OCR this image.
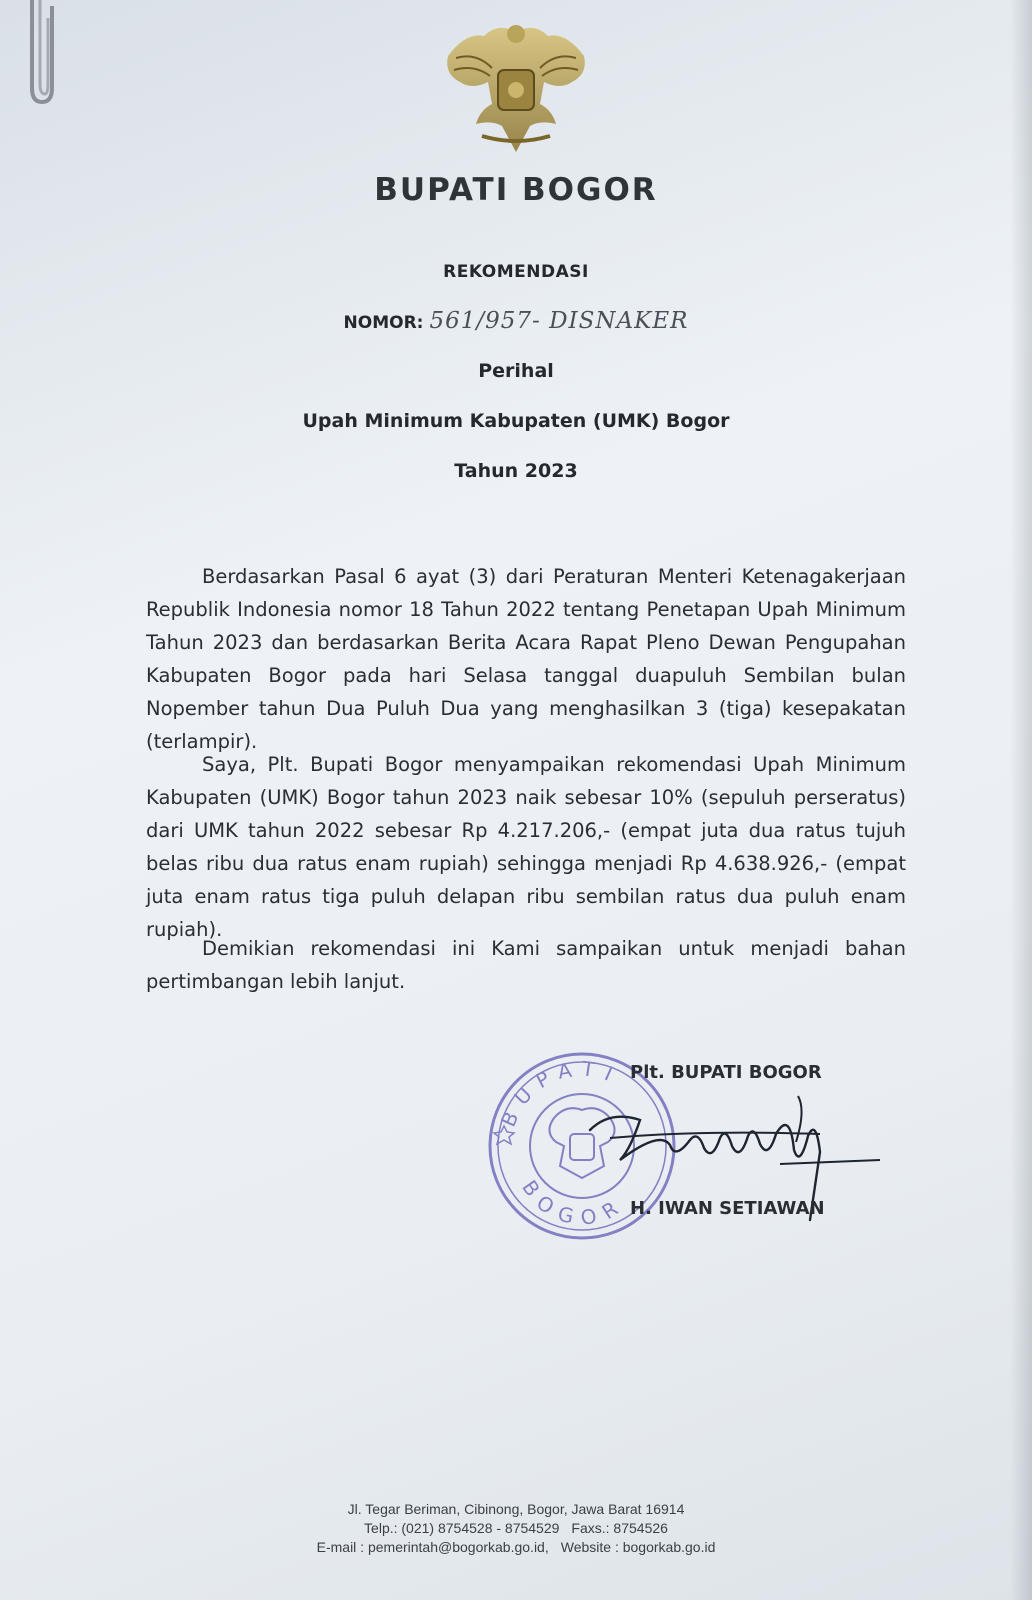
BUPATI BOGOR
REKOMENDASI
NOMOR: 561/957- DISNAKER
Perihal
Upah Minimum Kabupaten (UMK) Bogor
Tahun 2023

Berdasarkan Pasal 6 ayat (3) dari Peraturan Menteri Ketenagakerjaan Republik Indonesia nomor 18 Tahun 2022 tentang Penetapan Upah Minimum Tahun 2023 dan berdasarkan Berita Acara Rapat Pleno Dewan Pengupahan Kabupaten Bogor pada hari Selasa tanggal duapuluh Sembilan bulan Nopember tahun Dua Puluh Dua yang menghasilkan 3 (tiga) kesepakatan (terlampir).

Saya, Plt. Bupati Bogor menyampaikan rekomendasi Upah Minimum Kabupaten (UMK) Bogor tahun 2023 naik sebesar 10% (sepuluh perseratus) dari UMK tahun 2022 sebesar Rp 4.217.206,- (empat juta dua ratus tujuh belas ribu dua ratus enam rupiah) sehingga menjadi Rp 4.638.926,- (empat juta enam ratus tiga puluh delapan ribu sembilan ratus dua puluh enam rupiah).

Demikian rekomendasi ini Kami sampaikan untuk menjadi bahan pertimbangan lebih lanjut.

BUPATI
BOGOR
Plt. BUPATI BOGOR
H. IWAN SETIAWAN
Jl. Tegar Beriman, Cibinong, Bogor, Jawa Barat 16914
Telp.: (021) 8754528 - 8754529 Faxs.: 8754526
E-mail : pemerintah@bogorkab.go.id, Website : bogorkab.go.id
